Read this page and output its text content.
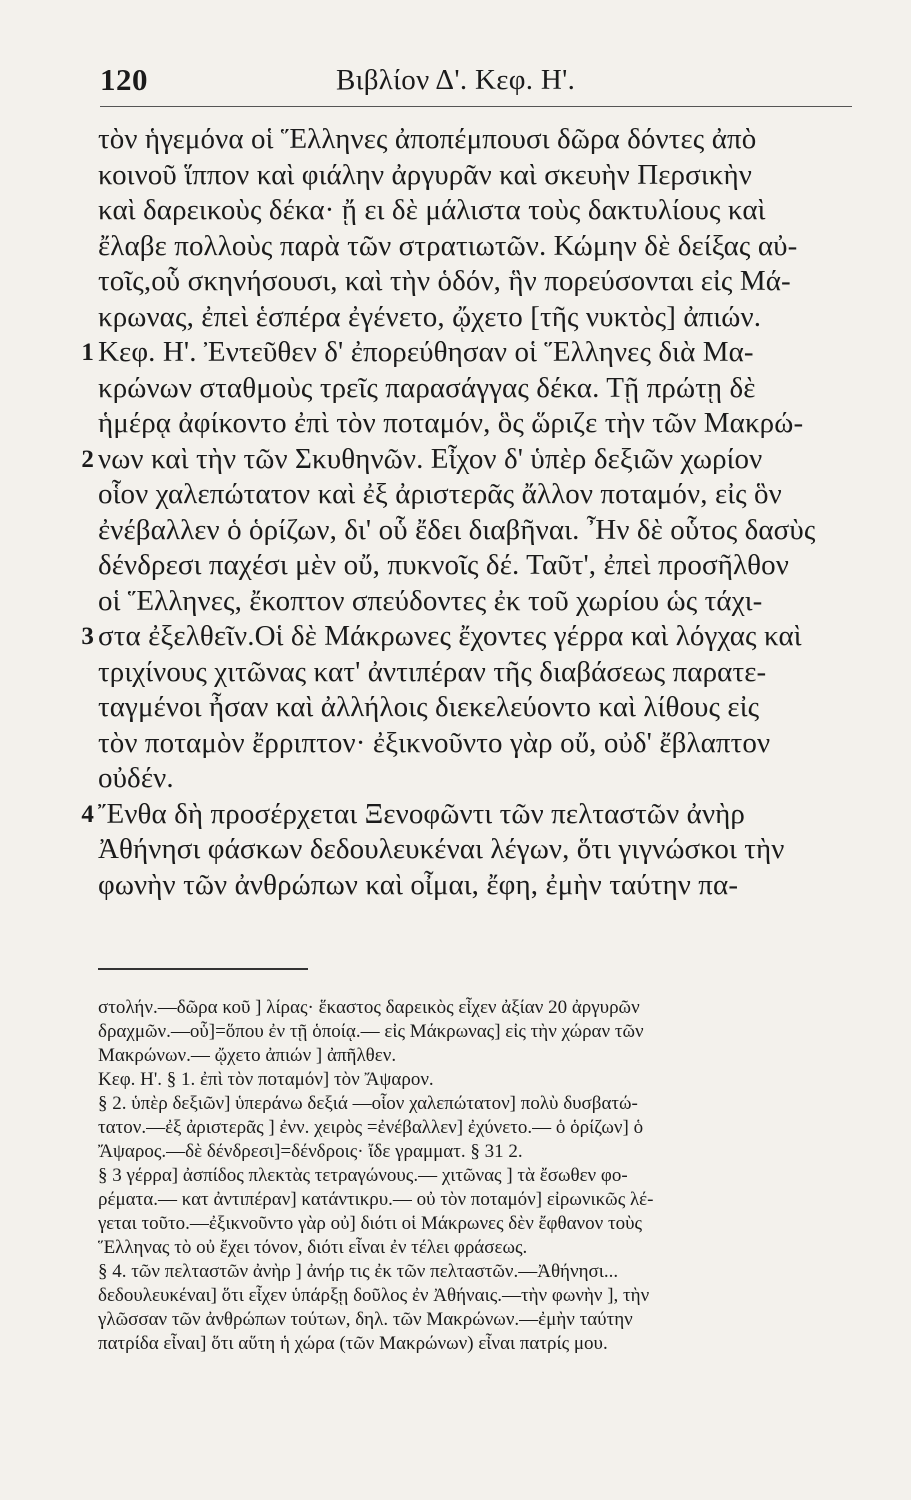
120	Βιβλίον Δ'. Κεφ. Η'.
τὸν ἡγεμόνα οἱ Ἕλληνες ἀποπέμπουσι δῶρα δόντες ἀπὸ
κοινοῦ ἵππον καὶ φιάλην ἀργυρᾶν καὶ σκευὴν Περσικὴν
καὶ δαρεικοὺς δέκα· ᾔ ει δὲ μάλιστα τοὺς δακτυλίους καὶ
ἔλαβε πολλοὺς παρὰ τῶν στρατιωτῶν. Κώμην δὲ δείξας αὐ-
τοῖς,οὗ σκηνήσουσι, καὶ τὴν ὁδόν, ἣν πορεύσονται εἰς Μά-
κρωνας, ἐπεὶ ἑσπέρα ἐγένετο, ᾤχετο [τῆς νυκτὸς] ἀπιών.
1 Κεφ. Η'. Ἐντεῦθεν δ' ἐπορεύθησαν οἱ Ἕλληνες διὰ Μα-
κρώνων σταθμοὺς τρεῖς παρασάγγας δέκα. Τῇ πρώτῃ δὲ
ἡμέρᾳ ἀφίκοντο ἐπὶ τὸν ποταμόν, ὃς ὥριζε τὴν τῶν Μακρώ-
2 νων καὶ τὴν τῶν Σκυθηνῶν. Εἶχον δ' ὑπὲρ δεξιῶν χωρίον
οἷον χαλεπώτατον καὶ ἐξ ἀριστερᾶς ἄλλον ποταμόν, εἰς ὃν
ἐνέβαλλεν ὁ ὁρίζων, δι' οὗ ἔδει διαβῆναι. Ἦν δὲ οὗτος δασὺς
δένδρεσι παχέσι μὲν οὔ, πυκνοῖς δέ. Ταῦτ', ἐπεὶ προσῆλθον
οἱ Ἕλληνες, ἔκοπτον σπεύδοντες ἐκ τοῦ χωρίου ὡς τάχι-
3 στα ἐξελθεῖν.Οἱ δὲ Μάκρωνες ἔχοντες γέρρα καὶ λόγχας καὶ
τριχίνους χιτῶνας κατ' ἀντιπέραν τῆς διαβάσεως παρατε-
ταγμένοι ἦσαν καὶ ἀλλήλοις διεκελεύοντο καὶ λίθους εἰς
τὸν ποταμὸν ἔρριπτον· ἐξικνοῦντο γὰρ οὔ, οὐδ' ἔβλαπτον
οὐδέν.
4 Ἔνθα δὴ προσέρχεται Ξενοφῶντι τῶν πελταστῶν ἀνὴρ
Ἀθήνησι φάσκων δεδουλευκέναι λέγων, ὅτι γιγνώσκοι τὴν
φωνὴν τῶν ἀνθρώπων καὶ οἶμαι, ἔφη, ἐμὴν ταύτην πα-
στολήν.—δῶρα κοῦ ] λίρας· ἕκαστος δαρεικὸς εἶχεν ἀξίαν 20 ἀργυρῶν
δραχμῶν.—οὗ]=ὅπου ἐν τῇ ὁποίᾳ.— εἰς Μάκρωνας] εἰς τὴν χώραν τῶν
Μακρώνων.— ᾤχετο ἀπιών ] ἀπῆλθεν.
Κεφ. Η'. § 1. ἐπὶ τὸν ποταμόν] τὸν Ἄψαρον.
§ 2. ὑπὲρ δεξιῶν] ὑπεράνω δεξιά —οἷον χαλεπώτατον] πολὺ δυσβατώ-
τατον.—ἐξ ἀριστερᾶς ] ἐνν. χειρὸς =ἐνέβαλλεν] ἐχύνετο.— ὁ ὁρίζων] ὁ
Ἄψαρος.—δὲ δένδρεσι]=δένδροις· ἴδε γραμματ. § 31 2.
§ 3 γέρρα] ἀσπίδος πλεκτὰς τετραγώνους.— χιτῶνας ] τὰ ἔσωθεν φο-
ρέματα.— κατ ἀντιπέραν] κατάντικρυ.— οὐ τὸν ποταμόν] εἰρωνικῶς λέ-
γεται τοῦτο.—ἐξικνοῦντο γὰρ οὐ] διότι οἱ Μάκρωνες δὲν ἔφθανον τοὺς
Ἕλληνας τὸ οὐ ἔχει τόνον, διότι εἶναι ἐν τέλει φράσεως.
§ 4. τῶν πελταστῶν ἀνὴρ ] ἀνήρ τις ἐκ τῶν πελταστῶν.—Ἀθήνησι...
δεδουλευκέναι] ὅτι εἶχεν ὑπάρξῃ δοῦλος ἐν Ἀθήναις.—τὴν φωνὴν ], τὴν
γλῶσσαν τῶν ἀνθρώπων τούτων, δηλ. τῶν Μακρώνων.—ἐμὴν ταύτην
πατρίδα εἶναι] ὅτι αὕτη ἡ χώρα (τῶν Μακρώνων) εἶναι πατρίς μου.
